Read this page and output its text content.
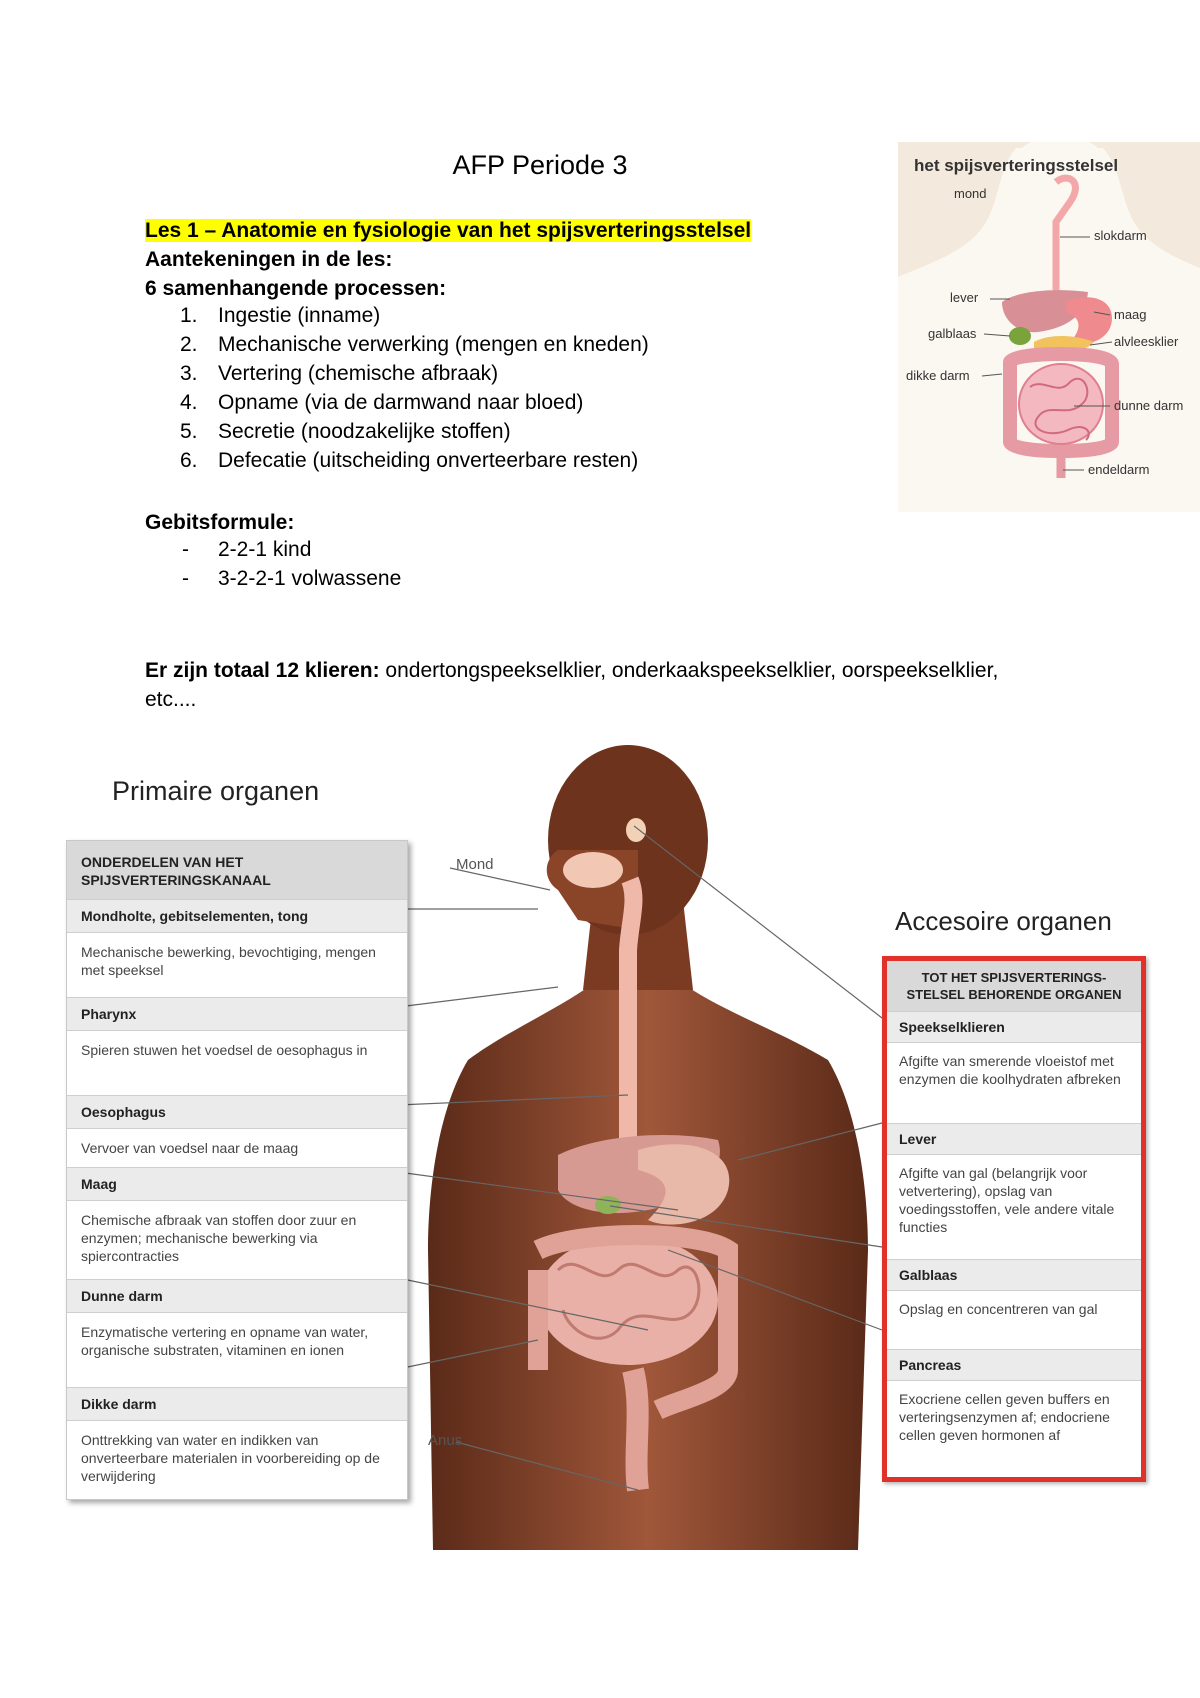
AFP Periode 3
Les 1 – Anatomie en fysiologie van het spijsverteringsstelsel
Aantekeningen in de les:
6 samenhangende processen:
1. Ingestie (inname)
2. Mechanische verwerking (mengen en kneden)
3. Vertering (chemische afbraak)
4. Opname (via de darmwand naar bloed)
5. Secretie (noodzakelijke stoffen)
6. Defecatie (uitscheiding onverteerbare resten)
Gebitsformule:
- 2-2-1 kind
- 3-2-2-1 volwassene
Er zijn totaal 12 klieren: ondertongspeekselklier, onderkaakspeekselklier, oorspeekselklier,
etc....
het spijsverteringsstelsel
mond
slokdarm
lever
maag
galblaas
alvleesklier
dikke darm
dunne darm
endeldarm
Primaire organen
Accesoire organen
Mond
Anus
ONDERDELEN VAN HET SPIJSVERTERINGSKANAAL
Mondholte, gebitselementen, tong
Mechanische bewerking, bevochtiging, mengen met speeksel
Pharynx
Spieren stuwen het voedsel de oesophagus in
Oesophagus
Vervoer van voedsel naar de maag
Maag
Chemische afbraak van stoffen door zuur en enzymen; mechanische bewerking via spiercontracties
Dunne darm
Enzymatische vertering en opname van water, organische substraten, vitaminen en ionen
Dikke darm
Onttrekking van water en indikken van onverteerbare materialen in voorbereiding op de verwijdering
TOT HET SPIJSVERTERINGS-STELSEL BEHORENDE ORGANEN
Speekselklieren
Afgifte van smerende vloeistof met enzymen die koolhydraten afbreken
Lever
Afgifte van gal (belangrijk voor vetvertering), opslag van voedingsstoffen, vele andere vitale functies
Galblaas
Opslag en concentreren van gal
Pancreas
Exocriene cellen geven buffers en verteringsenzymen af; endocriene cellen geven hormonen af
